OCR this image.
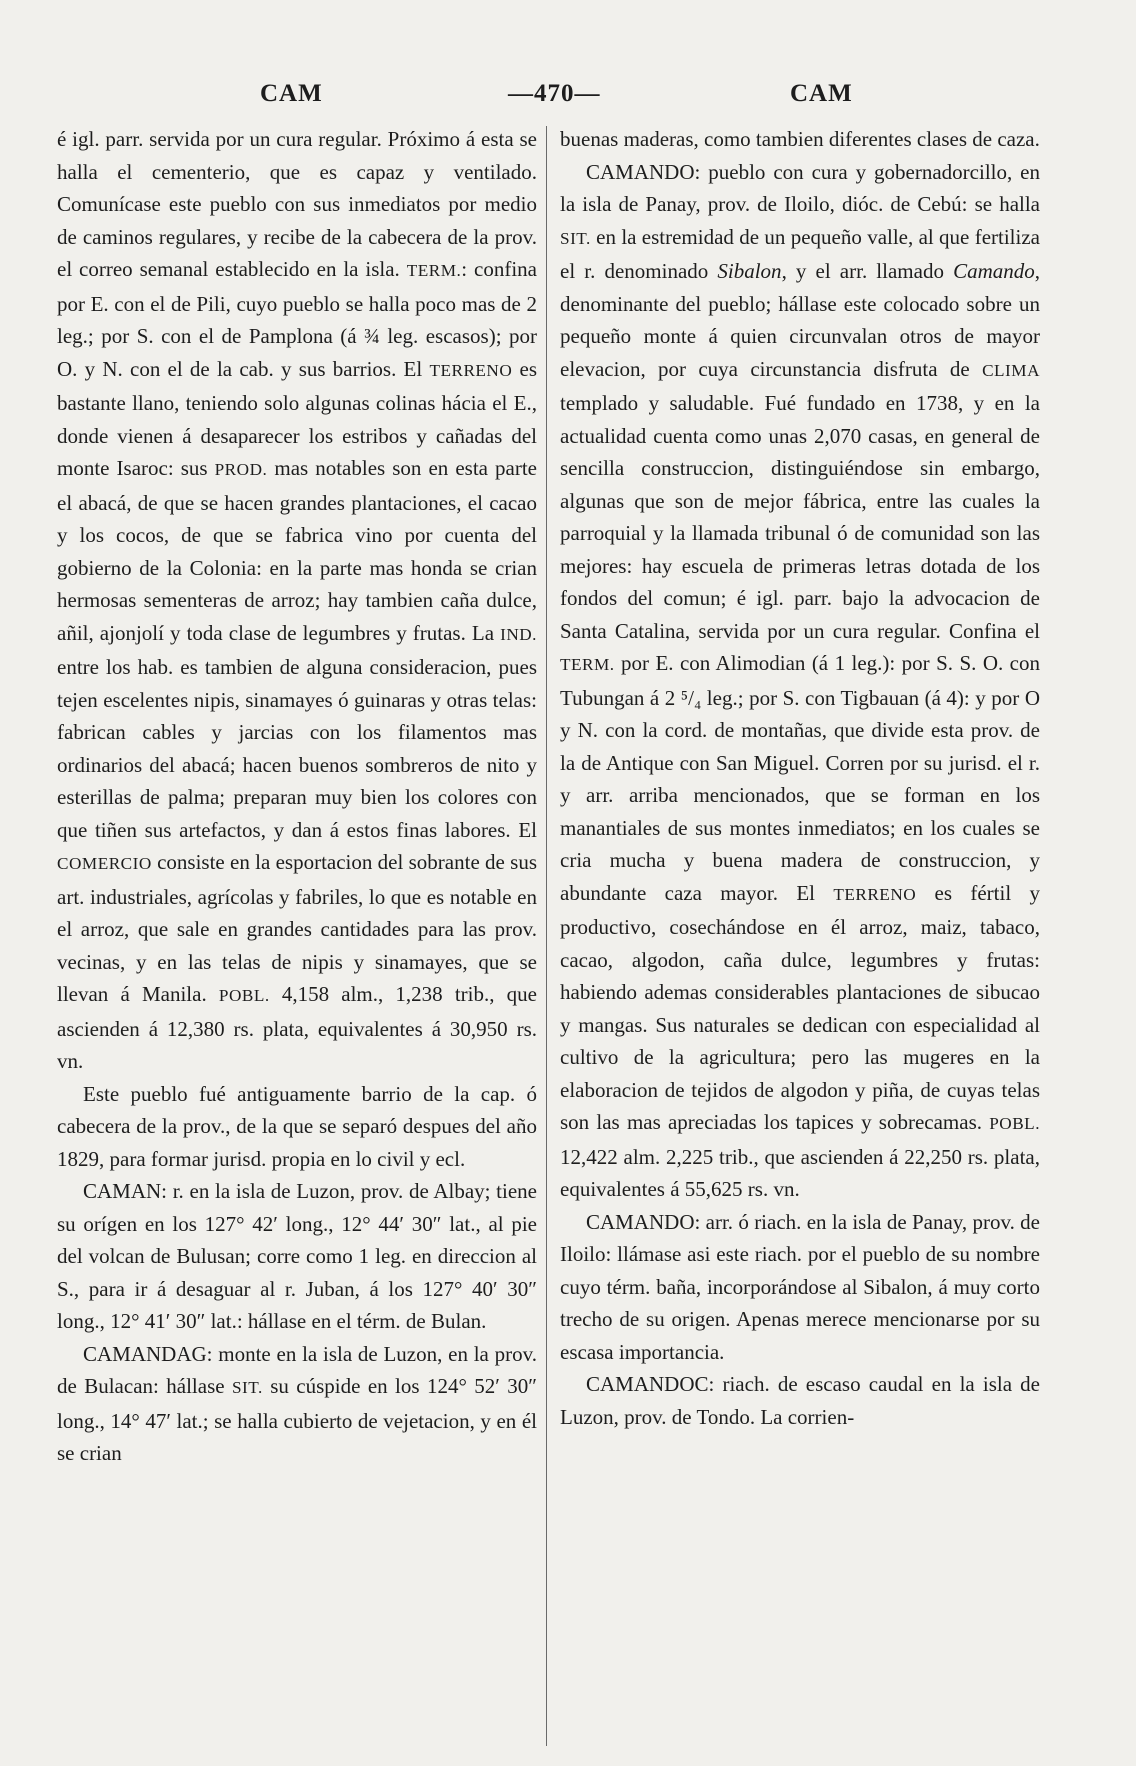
CAM	—470—	CAM

é igl. parr. servida por un cura regular. Próximo á esta se halla el cementerio, que es capaz y ventilado. Comunícase este pueblo con sus inmediatos por medio de caminos regulares, y recibe de la cabecera de la prov. el correo semanal establecido en la isla. TERM.: confina por E. con el de Pili, cuyo pueblo se halla poco mas de 2 leg.; por S. con el de Pamplona (á ¾ leg. escasos); por O. y N. con el de la cab. y sus barrios. El TERRENO es bastante llano, teniendo solo algunas colinas hácia el E., donde vienen á desaparecer los estribos y cañadas del monte Isaroc: sus PROD. mas notables son en esta parte el abacá, de que se hacen grandes plantaciones, el cacao y los cocos, de que se fabrica vino por cuenta del gobierno de la Colonia: en la parte mas honda se crian hermosas sementeras de arroz; hay tambien caña dulce, añil, ajonjolí y toda clase de legumbres y frutas. La IND. entre los hab. es tambien de alguna consideracion, pues tejen escelentes nipis, sinamayes ó guinaras y otras telas: fabrican cables y jarcias con los filamentos mas ordinarios del abacá; hacen buenos sombreros de nito y esterillas de palma; preparan muy bien los colores con que tiñen sus artefactos, y dan á estos finas labores. El COMERCIO consiste en la esportacion del sobrante de sus art. industriales, agrícolas y fabriles, lo que es notable en el arroz, que sale en grandes cantidades para las prov. vecinas, y en las telas de nipis y sinamayes, que se llevan á Manila. POBL. 4,158 alm., 1,238 trib., que ascienden á 12,380 rs. plata, equivalentes á 30,950 rs. vn.

Este pueblo fué antiguamente barrio de la cap. ó cabecera de la prov., de la que se separó despues del año 1829, para formar jurisd. propia en lo civil y ecl.

CAMAN: r. en la isla de Luzon, prov. de Albay; tiene su orígen en los 127° 42′ long., 12° 44′ 30″ lat., al pie del volcan de Bulusan; corre como 1 leg. en direccion al S., para ir á desaguar al r. Juban, á los 127° 40′ 30″ long., 12° 41′ 30″ lat.: hállase en el térm. de Bulan.

CAMANDAG: monte en la isla de Luzon, en la prov. de Bulacan: hállase SIT. su cúspide en los 124° 52′ 30″ long., 14° 47′ lat.; se halla cubierto de vejetacion, y en él se crian

buenas maderas, como tambien diferentes clases de caza.

CAMANDO: pueblo con cura y gobernadorcillo, en la isla de Panay, prov. de Iloilo, dióc. de Cebú: se halla SIT. en la estremidad de un pequeño valle, al que fertiliza el r. denominado Sibalon, y el arr. llamado Camando, denominante del pueblo; hállase este colocado sobre un pequeño monte á quien circunvalan otros de mayor elevacion, por cuya circunstancia disfruta de CLIMA templado y saludable. Fué fundado en 1738, y en la actualidad cuenta como unas 2,070 casas, en general de sencilla construccion, distinguiéndose sin embargo, algunas que son de mejor fábrica, entre las cuales la parroquial y la llamada tribunal ó de comunidad son las mejores: hay escuela de primeras letras dotada de los fondos del comun; é igl. parr. bajo la advocacion de Santa Catalina, servida por un cura regular. Confina el TERM. por E. con Alimodian (á 1 leg.): por S. S. O. con Tubungan á 2 ⁵/₄ leg.; por S. con Tigbauan (á 4): y por O y N. con la cord. de montañas, que divide esta prov. de la de Antique con San Miguel. Corren por su jurisd. el r. y arr. arriba mencionados, que se forman en los manantiales de sus montes inmediatos; en los cuales se cria mucha y buena madera de construccion, y abundante caza mayor. El TERRENO es fértil y productivo, cosechándose en él arroz, maiz, tabaco, cacao, algodon, caña dulce, legumbres y frutas: habiendo ademas considerables plantaciones de sibucao y mangas. Sus naturales se dedican con especialidad al cultivo de la agricultura; pero las mugeres en la elaboracion de tejidos de algodon y piña, de cuyas telas son las mas apreciadas los tapices y sobrecamas. POBL. 12,422 alm. 2,225 trib., que ascienden á 22,250 rs. plata, equivalentes á 55,625 rs. vn.

CAMANDO: arr. ó riach. en la isla de Panay, prov. de Iloilo: llámase asi este riach. por el pueblo de su nombre cuyo térm. baña, incorporándose al Sibalon, á muy corto trecho de su origen. Apenas merece mencionarse por su escasa importancia.

CAMANDOC: riach. de escaso caudal en la isla de Luzon, prov. de Tondo. La corrien-
